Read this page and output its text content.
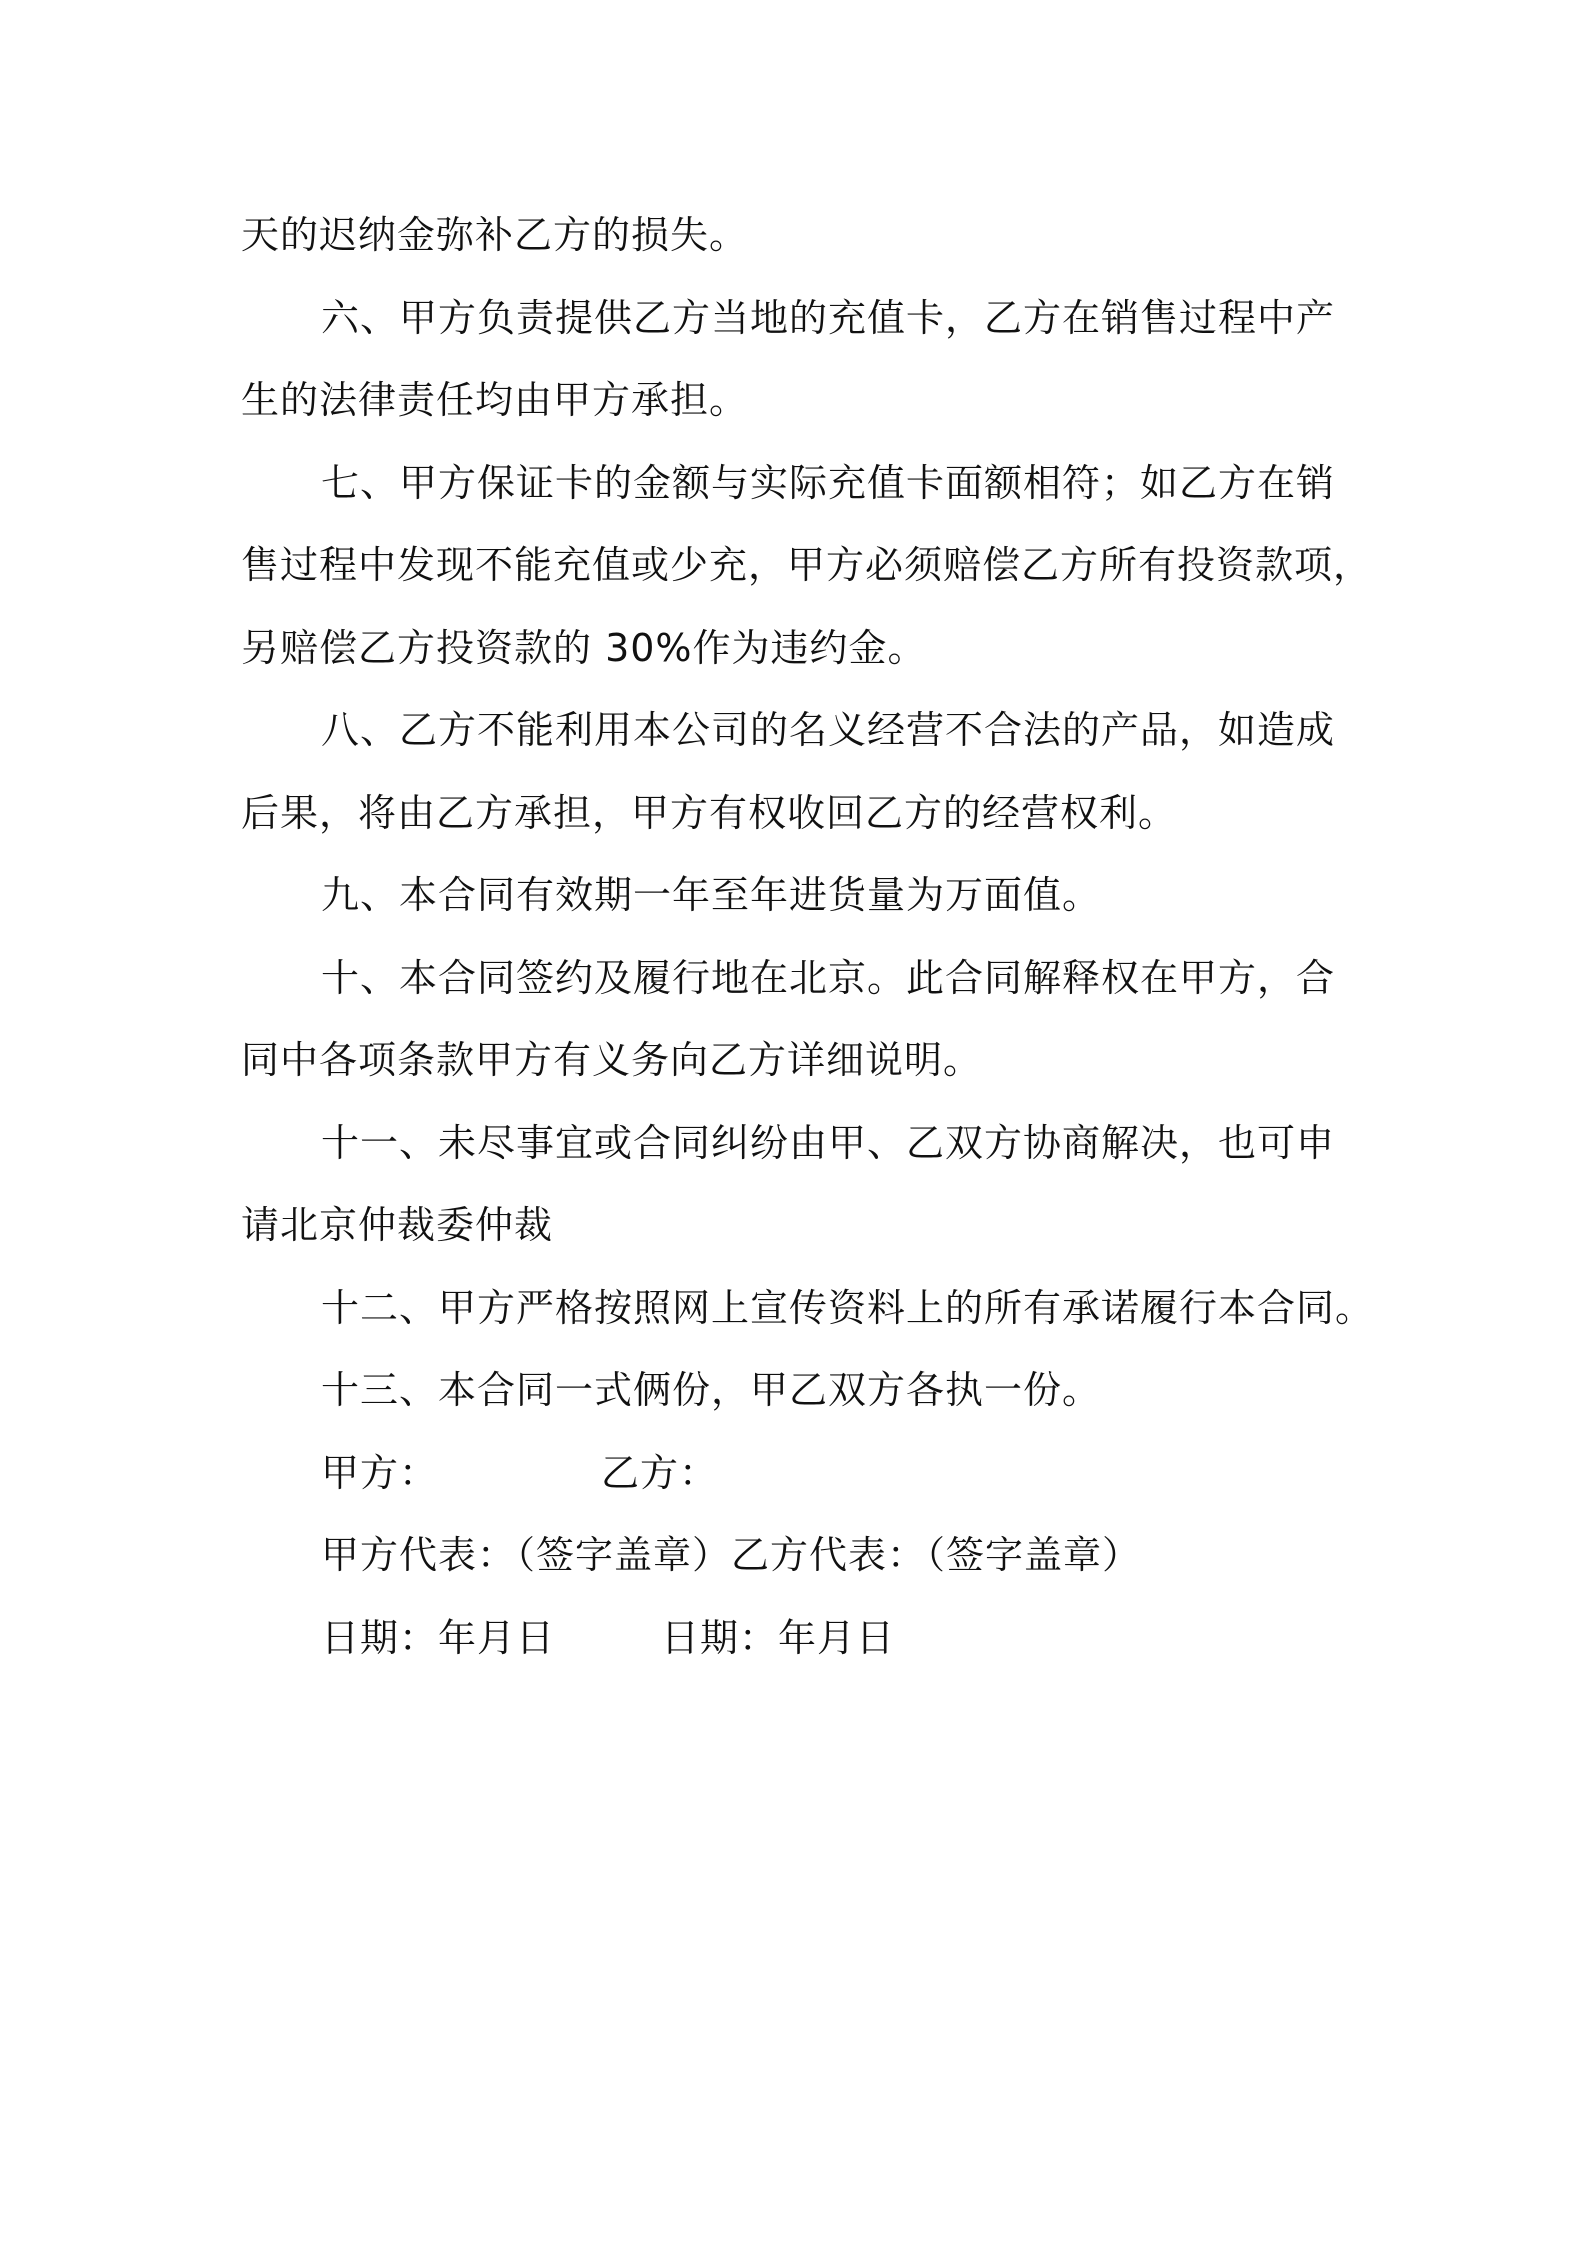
天的迟纳金弥补乙方的损失。
六、甲方负责提供乙方当地的充值卡，乙方在销售过程中产
生的法律责任均由甲方承担。
七、甲方保证卡的金额与实际充值卡面额相符；如乙方在销
售过程中发现不能充值或少充，甲方必须赔偿乙方所有投资款项，
另赔偿乙方投资款的 30%作为违约金。
八、乙方不能利用本公司的名义经营不合法的产品，如造成
后果，将由乙方承担，甲方有权收回乙方的经营权利。
九、本合同有效期一年至年进货量为万面值。
十、本合同签约及履行地在北京。此合同解释权在甲方，合
同中各项条款甲方有义务向乙方详细说明。
十一、未尽事宜或合同纠纷由甲、乙双方协商解决，也可申
请北京仲裁委仲裁
十二、甲方严格按照网上宣传资料上的所有承诺履行本合同。
十三、本合同一式俩份，甲乙双方各执一份。
甲方：	乙方：
甲方代表：（签字盖章）乙方代表：（签字盖章）
日期：年月日	日期：年月日
